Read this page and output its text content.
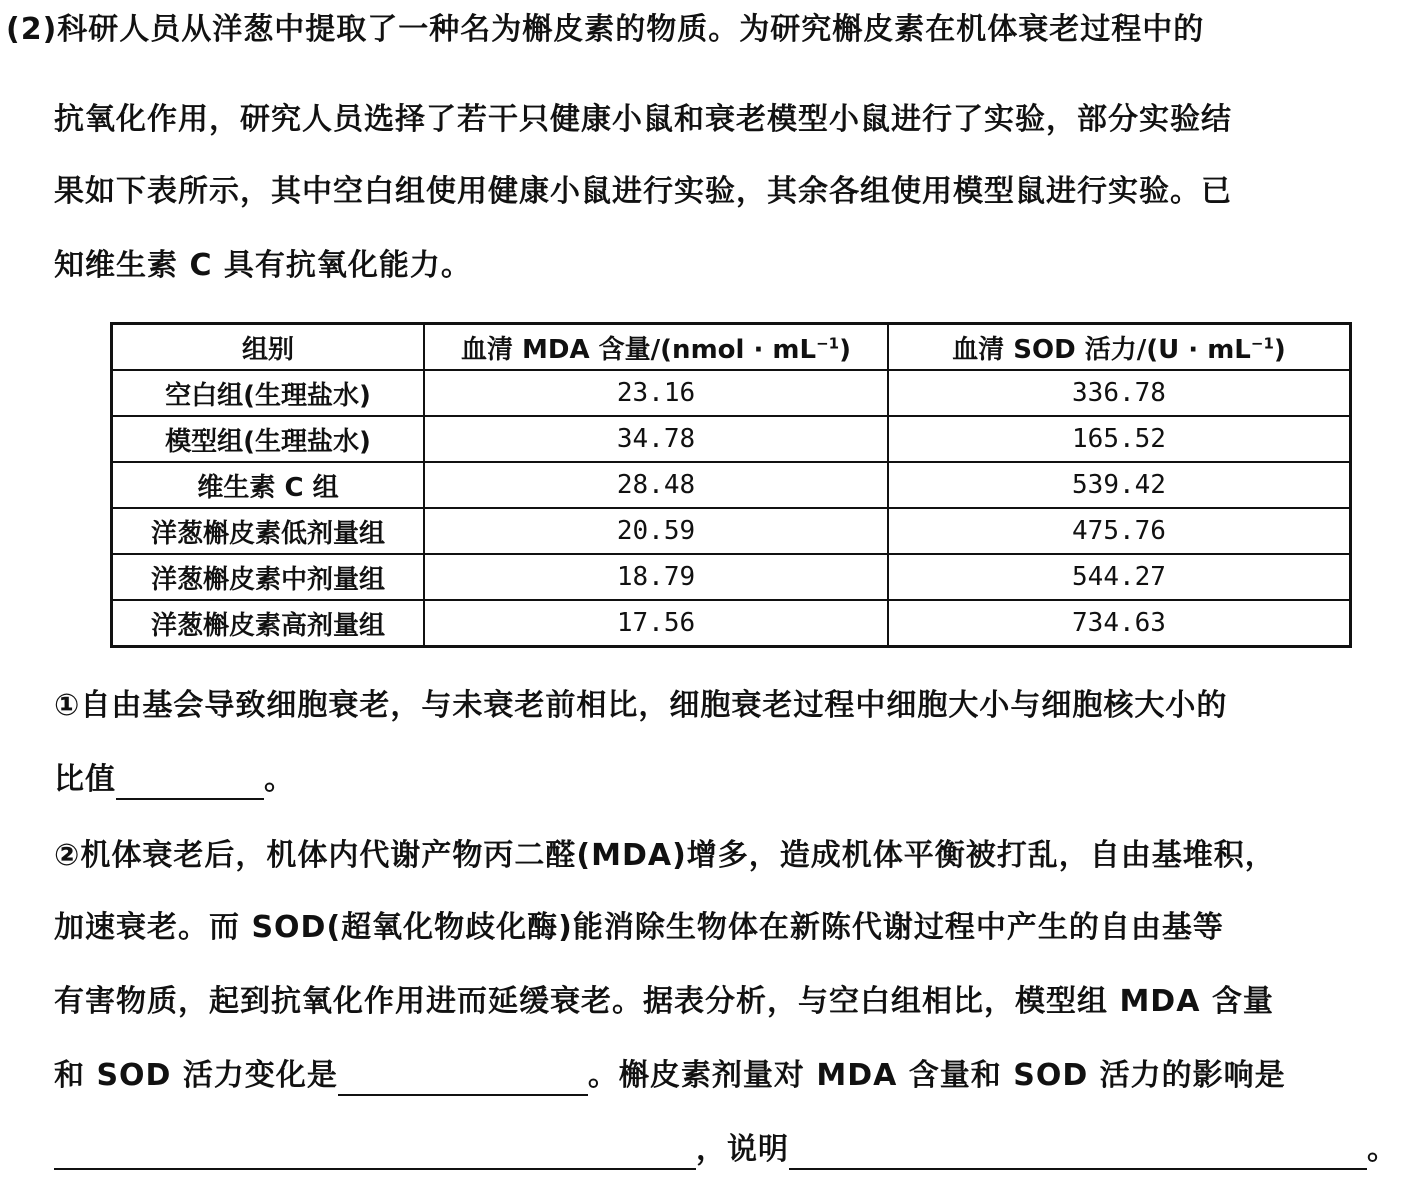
(2)科研人员从洋葱中提取了一种名为槲皮素的物质。为研究槲皮素在机体衰老过程中的
抗氧化作用，研究人员选择了若干只健康小鼠和衰老模型小鼠进行了实验，部分实验结
果如下表所示，其中空白组使用健康小鼠进行实验，其余各组使用模型鼠进行实验。已
知维生素 C 具有抗氧化能力。
组别	血清 MDA 含量/(nmol · $mL^{-1}$)	血清 SOD 活力$/(U \cdot mL^{-1})$
空白组(生理盐水)	23.16	336.78
模型组(生理盐水)	34.78	165.52
维生素 C 组	28.48	539.42
洋葱槲皮素低剂量组	20.59	475.76
洋葱槲皮素中剂量组	18.79	544.27
洋葱槲皮素高剂量组	17.56	734.63
①自由基会导致细胞衰老，与未衰老前相比，细胞衰老过程中细胞大小与细胞核大小的
比值	。
②机体衰老后，机体内代谢产物丙二醛(MDA)增多，造成机体平衡被打乱，自由基堆积，
加速衰老。而 SOD(超氧化物歧化酶)能消除生物体在新陈代谢过程中产生的自由基等
有害物质，起到抗氧化作用进而延缓衰老。据表分析，与空白组相比，模型组 MDA 含量
和 SOD 活力变化是	。槲皮素剂量对 MDA 含量和 SOD 活力的影响是
，说明	。
